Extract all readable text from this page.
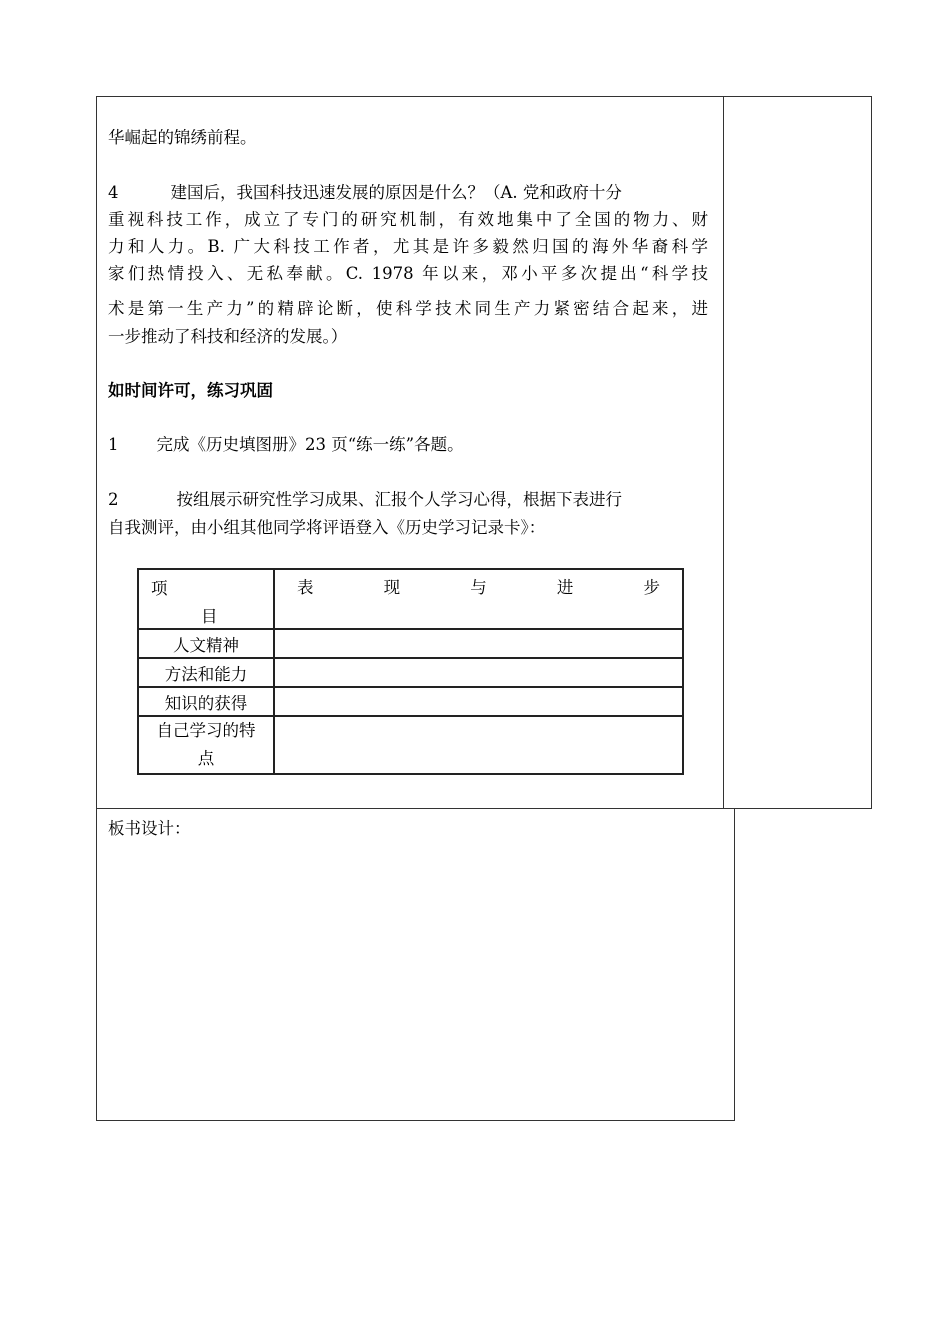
华崛起的锦绣前程。
4	建国后，我国科技迅速发展的原因是什么？（A. 党和政府十分
重视科技工作，成立了专门的研究机制，有效地集中了全国的物力、财
力和人力。B. 广大科技工作者，尤其是许多毅然归国的海外华裔科学
家们热情投入、无私奉献。C. 1978 年以来，邓小平多次提出“科学技
术是第一生产力”的精辟论断，使科学技术同生产力紧密结合起来，进
一步推动了科技和经济的发展。）
如时间许可，练习巩固
1 完成《历史填图册》23 页“练一练”各题。
2	按组展示研究性学习成果、汇报个人学习心得，根据下表进行
自我测评，由小组其他同学将评语登入《历史学习记录卡》：
项
目	表 现 与 进 步

人文精神	
方法和能力	
知识的获得	

自己学习的特
点	

板书设计：
